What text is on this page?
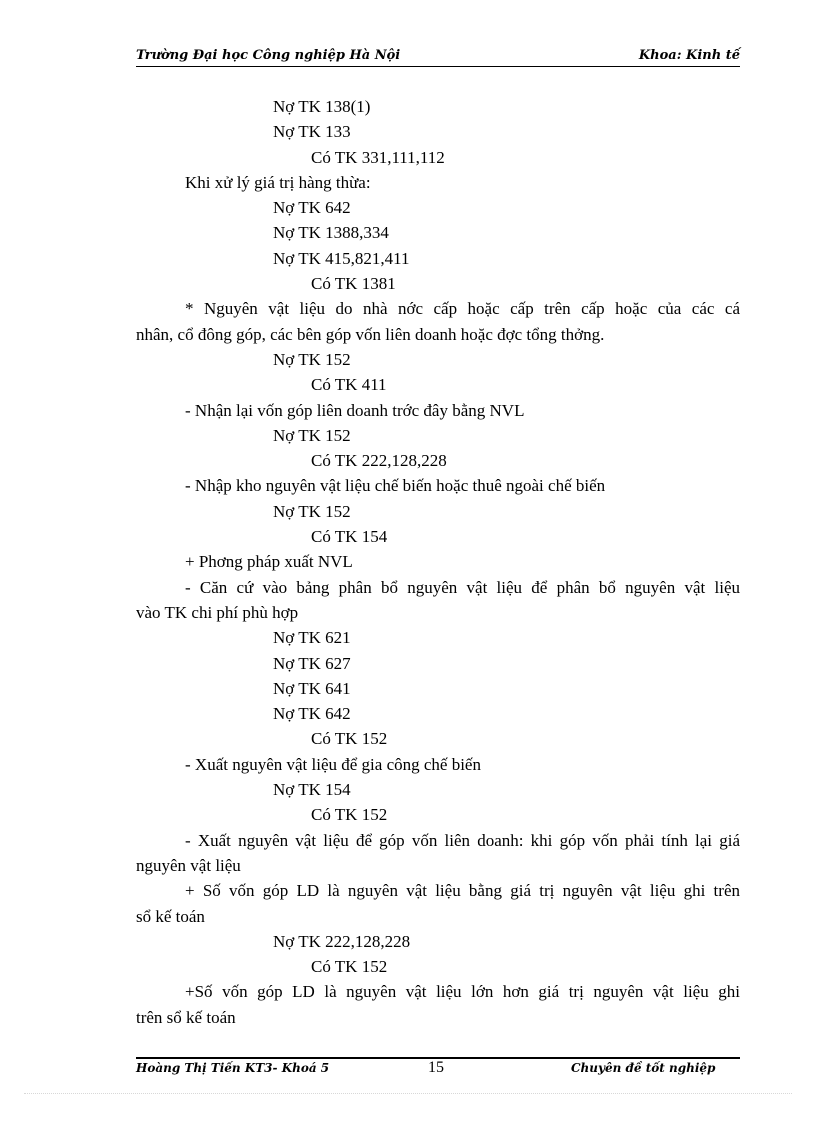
Trường Đại học Công nghiệp Hà Nội	Khoa: Kinh tế
Nợ TK 138(1)
Nợ TK 133
Có TK 331,111,112
Khi xử lý giá trị hàng thừa:
Nợ TK 642
Nợ TK 1388,334
Nợ TK 415,821,411
Có TK 1381
* Nguyên vật liệu do nhà nớc cấp hoặc cấp trên cấp hoặc của các cá
nhân, cổ đông góp, các bên góp vốn liên doanh hoặc đợc tổng thởng.
Nợ TK 152
Có TK 411
- Nhận lại vốn góp liên doanh trớc đây bằng NVL
Nợ TK 152
Có TK 222,128,228
- Nhập kho nguyên vật liệu chế biến hoặc thuê ngoài chế biến
Nợ TK 152
Có TK 154
+ Phơng pháp xuất NVL
- Căn cứ vào bảng phân bổ nguyên vật liệu để phân bổ nguyên vật liệu
vào TK chi phí phù hợp
Nợ TK 621
Nợ TK 627
Nợ TK 641
Nợ TK 642
Có TK 152
- Xuất nguyên vật liệu để gia công chế biến
Nợ TK 154
Có TK 152
- Xuất nguyên vật liệu để góp vốn liên doanh: khi góp vốn phải tính lại giá
nguyên vật liệu
+ Số vốn góp LD là nguyên vật liệu bằng giá trị nguyên vật liệu ghi trên
sổ kế toán
Nợ TK 222,128,228
Có TK 152
+Số vốn góp LD là nguyên vật liệu lớn hơn giá trị nguyên vật liệu ghi
trên sổ kế toán
Hoàng Thị Tiến KT3- Khoá 5	15	Chuyên đề tốt nghiệp
